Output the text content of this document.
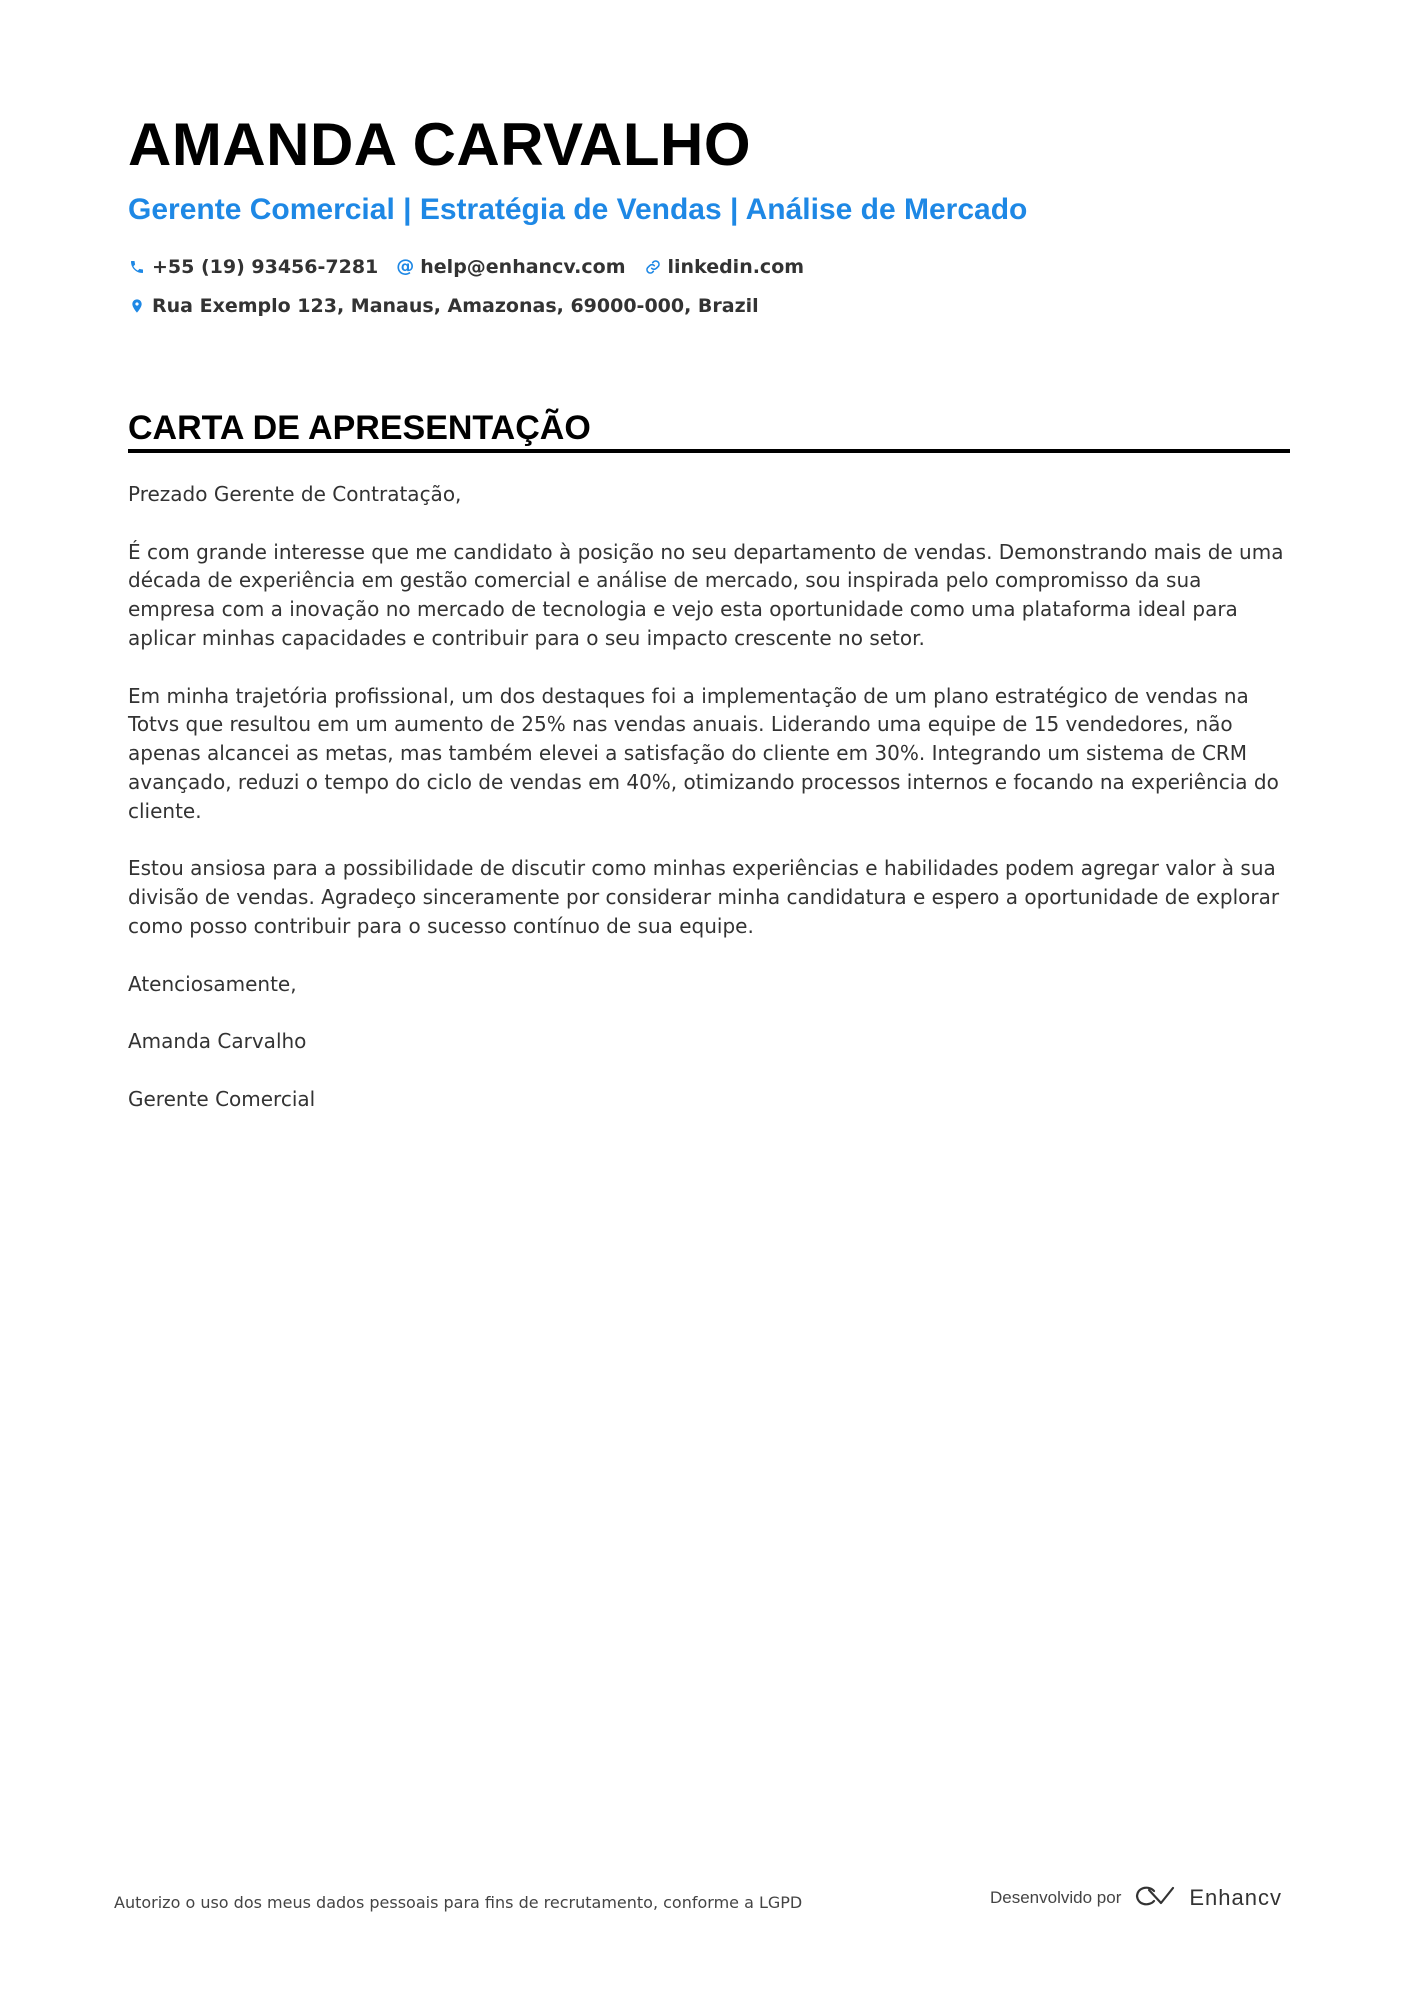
AMANDA CARVALHO
Gerente Comercial | Estratégia de Vendas | Análise de Mercado
+55 (19) 93456-7281 @ help@enhancv.com linkedin.com
Rua Exemplo 123, Manaus, Amazonas, 69000-000, Brazil
CARTA DE APRESENTAÇÃO

Prezado Gerente de Contratação,

É com grande interesse que me candidato à posição no seu departamento de vendas. Demonstrando mais de uma década de experiência em gestão comercial e análise de mercado, sou inspirada pelo compromisso da sua empresa com a inovação no mercado de tecnologia e vejo esta oportunidade como uma plataforma ideal para aplicar minhas capacidades e contribuir para o seu impacto crescente no setor.

Em minha trajetória profissional, um dos destaques foi a implementação de um plano estratégico de vendas na Totvs que resultou em um aumento de 25% nas vendas anuais. Liderando uma equipe de 15 vendedores, não apenas alcancei as metas, mas também elevei a satisfação do cliente em 30%. Integrando um sistema de CRM avançado, reduzi o tempo do ciclo de vendas em 40%, otimizando processos internos e focando na experiência do cliente.

Estou ansiosa para a possibilidade de discutir como minhas experiências e habilidades podem agregar valor à sua divisão de vendas. Agradeço sinceramente por considerar minha candidatura e espero a oportunidade de explorar como posso contribuir para o sucesso contínuo de sua equipe.

Atenciosamente,

Amanda Carvalho

Gerente Comercial

Autorizo o uso dos meus dados pessoais para fins de recrutamento, conforme a LGPD	Desenvolvido por	Enhancv
